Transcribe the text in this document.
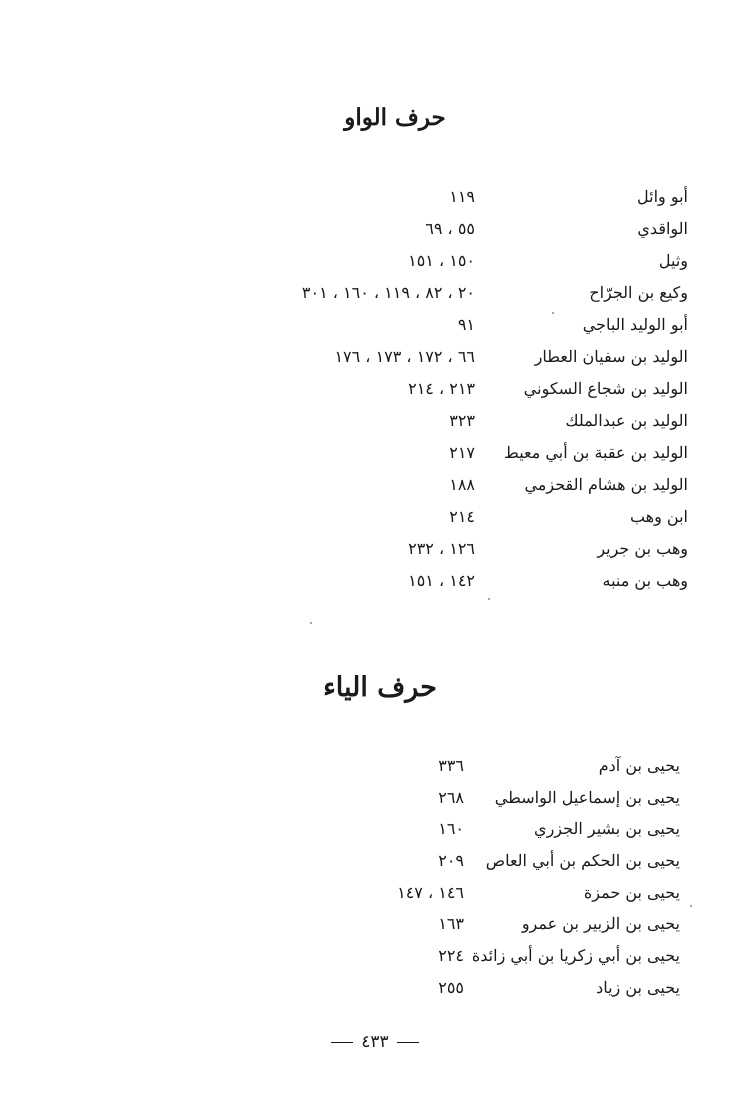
حرف الواو
أبو وائل
١١٩
الواقدي
٥٥ ، ٦٩
وثيل
١٥٠ ، ١٥١
وكيع بن الجرّاح
٢٠ ، ٨٢ ، ١١٩ ، ١٦٠ ، ٣٠١
أبو الوليد الباجي
٩١
الوليد بن سفيان العطار
٦٦ ، ١٧٢ ، ١٧٣ ، ١٧٦
الوليد بن شجاع السكوني
٢١٣ ، ٢١٤
الوليد بن عبدالملك
٣٢٣
الوليد بن عقبة بن أبي معيط
٢١٧
الوليد بن هشام القحزمي
١٨٨
ابن وهب
٢١٤
وهب بن جرير
١٢٦ ، ٢٣٢
وهب بن منبه
١٤٢ ، ١٥١
حرف الياء
يحيى بن آدم
٣٣٦
يحيى بن إسماعيل الواسطي
٢٦٨
يحيى بن بشير الجزري
١٦٠
يحيى بن الحكم بن أبي العاص
٢٠٩
يحيى بن حمزة
١٤٦ ، ١٤٧
يحيى بن الزبير بن عمرو
١٦٣
يحيى بن أبي زكريا بن أبي زائدة
٢٢٤
يحيى بن زياد
٢٥٥
٤٣٣
